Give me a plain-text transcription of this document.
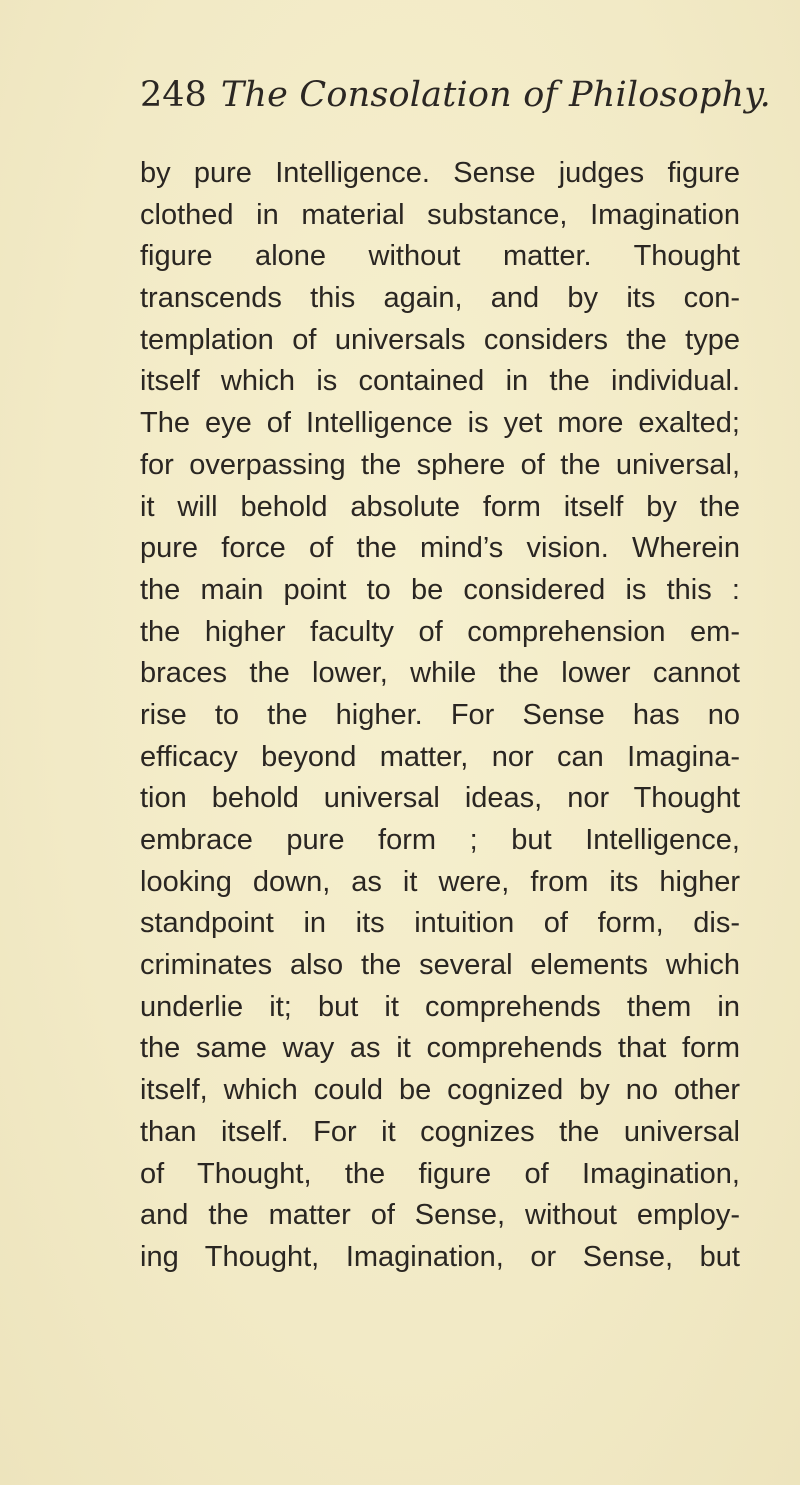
248 The Consolation of Philosophy.
by pure Intelligence. Sense judges figure
clothed in material substance, Imagination
figure alone without matter. Thought
transcends this again, and by its con-
templation of universals considers the type
itself which is contained in the individual.
The eye of Intelligence is yet more exalted;
for overpassing the sphere of the universal,
it will behold absolute form itself by the
pure force of the mind’s vision. Wherein
the main point to be considered is this :
the higher faculty of comprehension em-
braces the lower, while the lower cannot
rise to the higher. For Sense has no
efficacy beyond matter, nor can Imagina-
tion behold universal ideas, nor Thought
embrace pure form ; but Intelligence,
looking down, as it were, from its higher
standpoint in its intuition of form, dis-
criminates also the several elements which
underlie it; but it comprehends them in
the same way as it comprehends that form
itself, which could be cognized by no other
than itself. For it cognizes the universal
of Thought, the figure of Imagination,
and the matter of Sense, without employ-
ing Thought, Imagination, or Sense, but
